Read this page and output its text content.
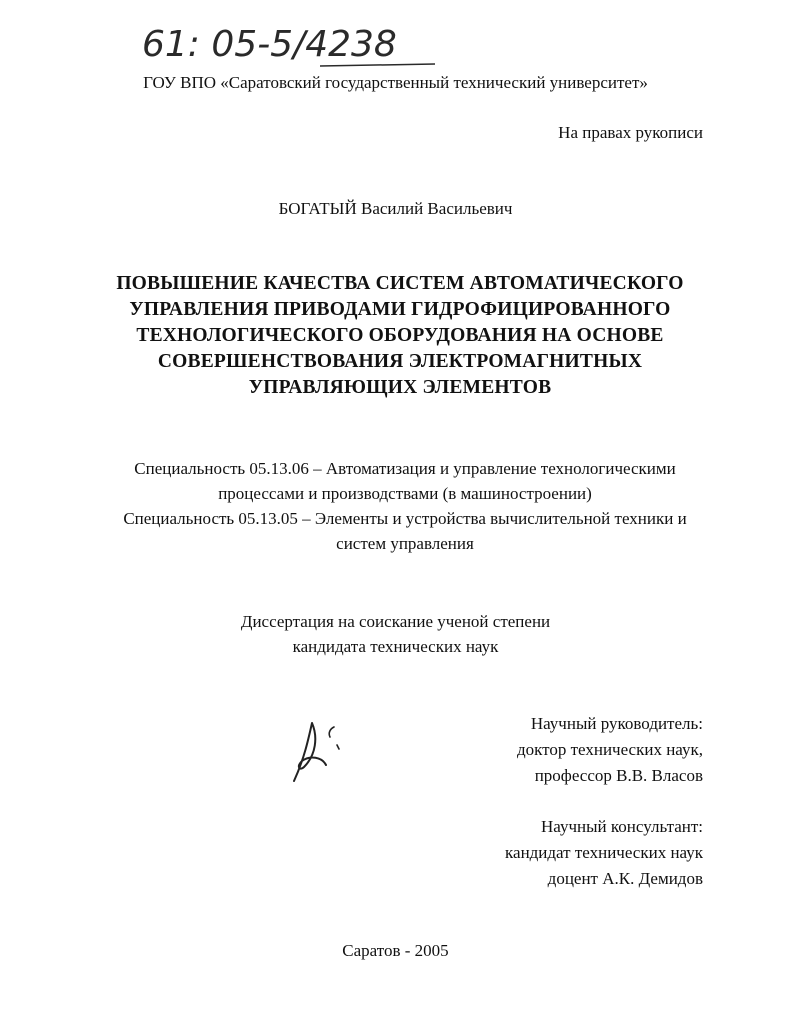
61: 05-5/4238
ГОУ ВПО «Саратовский государственный технический университет»
На правах рукописи
БОГАТЫЙ Василий Васильевич
ПОВЫШЕНИЕ КАЧЕСТВА СИСТЕМ АВТОМАТИЧЕСКОГО
УПРАВЛЕНИЯ ПРИВОДАМИ ГИДРОФИЦИРОВАННОГО
ТЕХНОЛОГИЧЕСКОГО ОБОРУДОВАНИЯ НА ОСНОВЕ
СОВЕРШЕНСТВОВАНИЯ ЭЛЕКТРОМАГНИТНЫХ
УПРАВЛЯЮЩИХ ЭЛЕМЕНТОВ
Специальность 05.13.06 – Автоматизация и управление технологическими
процессами и производствами (в машиностроении)
Специальность 05.13.05 – Элементы и устройства вычислительной техники и
систем управления
Диссертация на соискание ученой степени
кандидата технических наук
Научный руководитель:
доктор технических наук,
профессор В.В. Власов
Научный консультант:
кандидат технических наук
доцент А.К. Демидов
Саратов - 2005
